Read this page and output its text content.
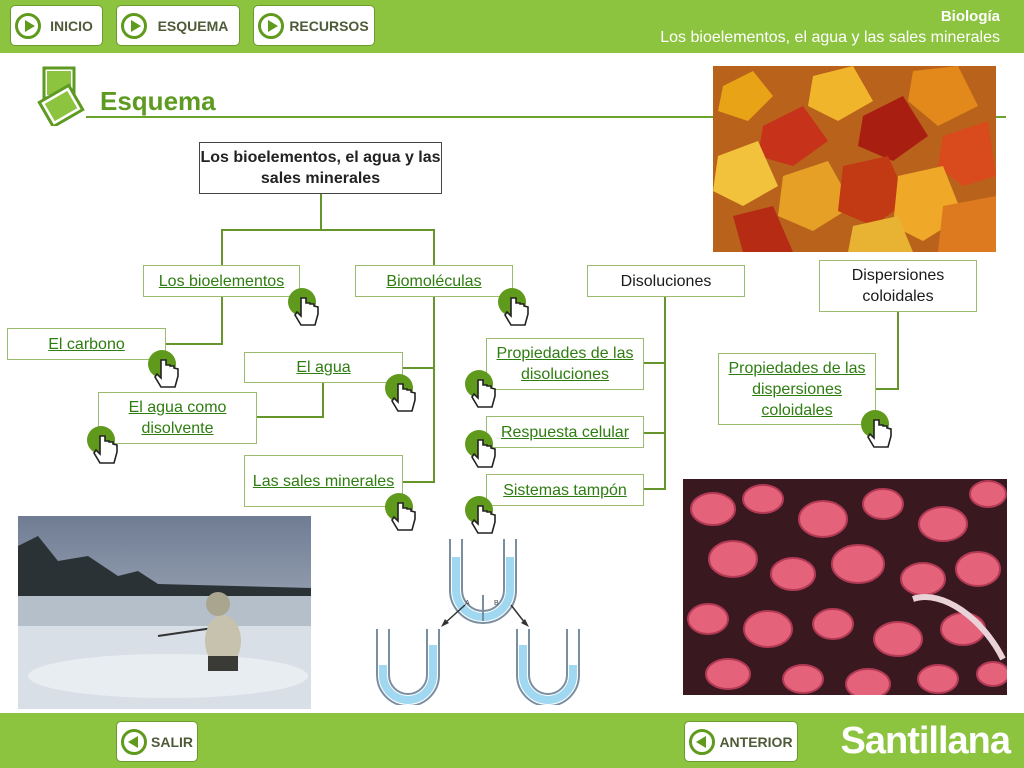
INICIO	ESQUEMA	RECURSOS
Biología
Los bioelementos, el agua y las sales minerales
Esquema
A	B
Los bioelementos, el agua y las sales minerales
Los bioelementos	Biomoléculas	Disoluciones	Dispersiones coloidales
El carbono
El agua
El agua como disolvente
Las sales minerales
Propiedades de las disoluciones
Respuesta celular
Sistemas tampón
Propiedades de las dispersiones coloidales
SALIR	ANTERIOR Santillana
